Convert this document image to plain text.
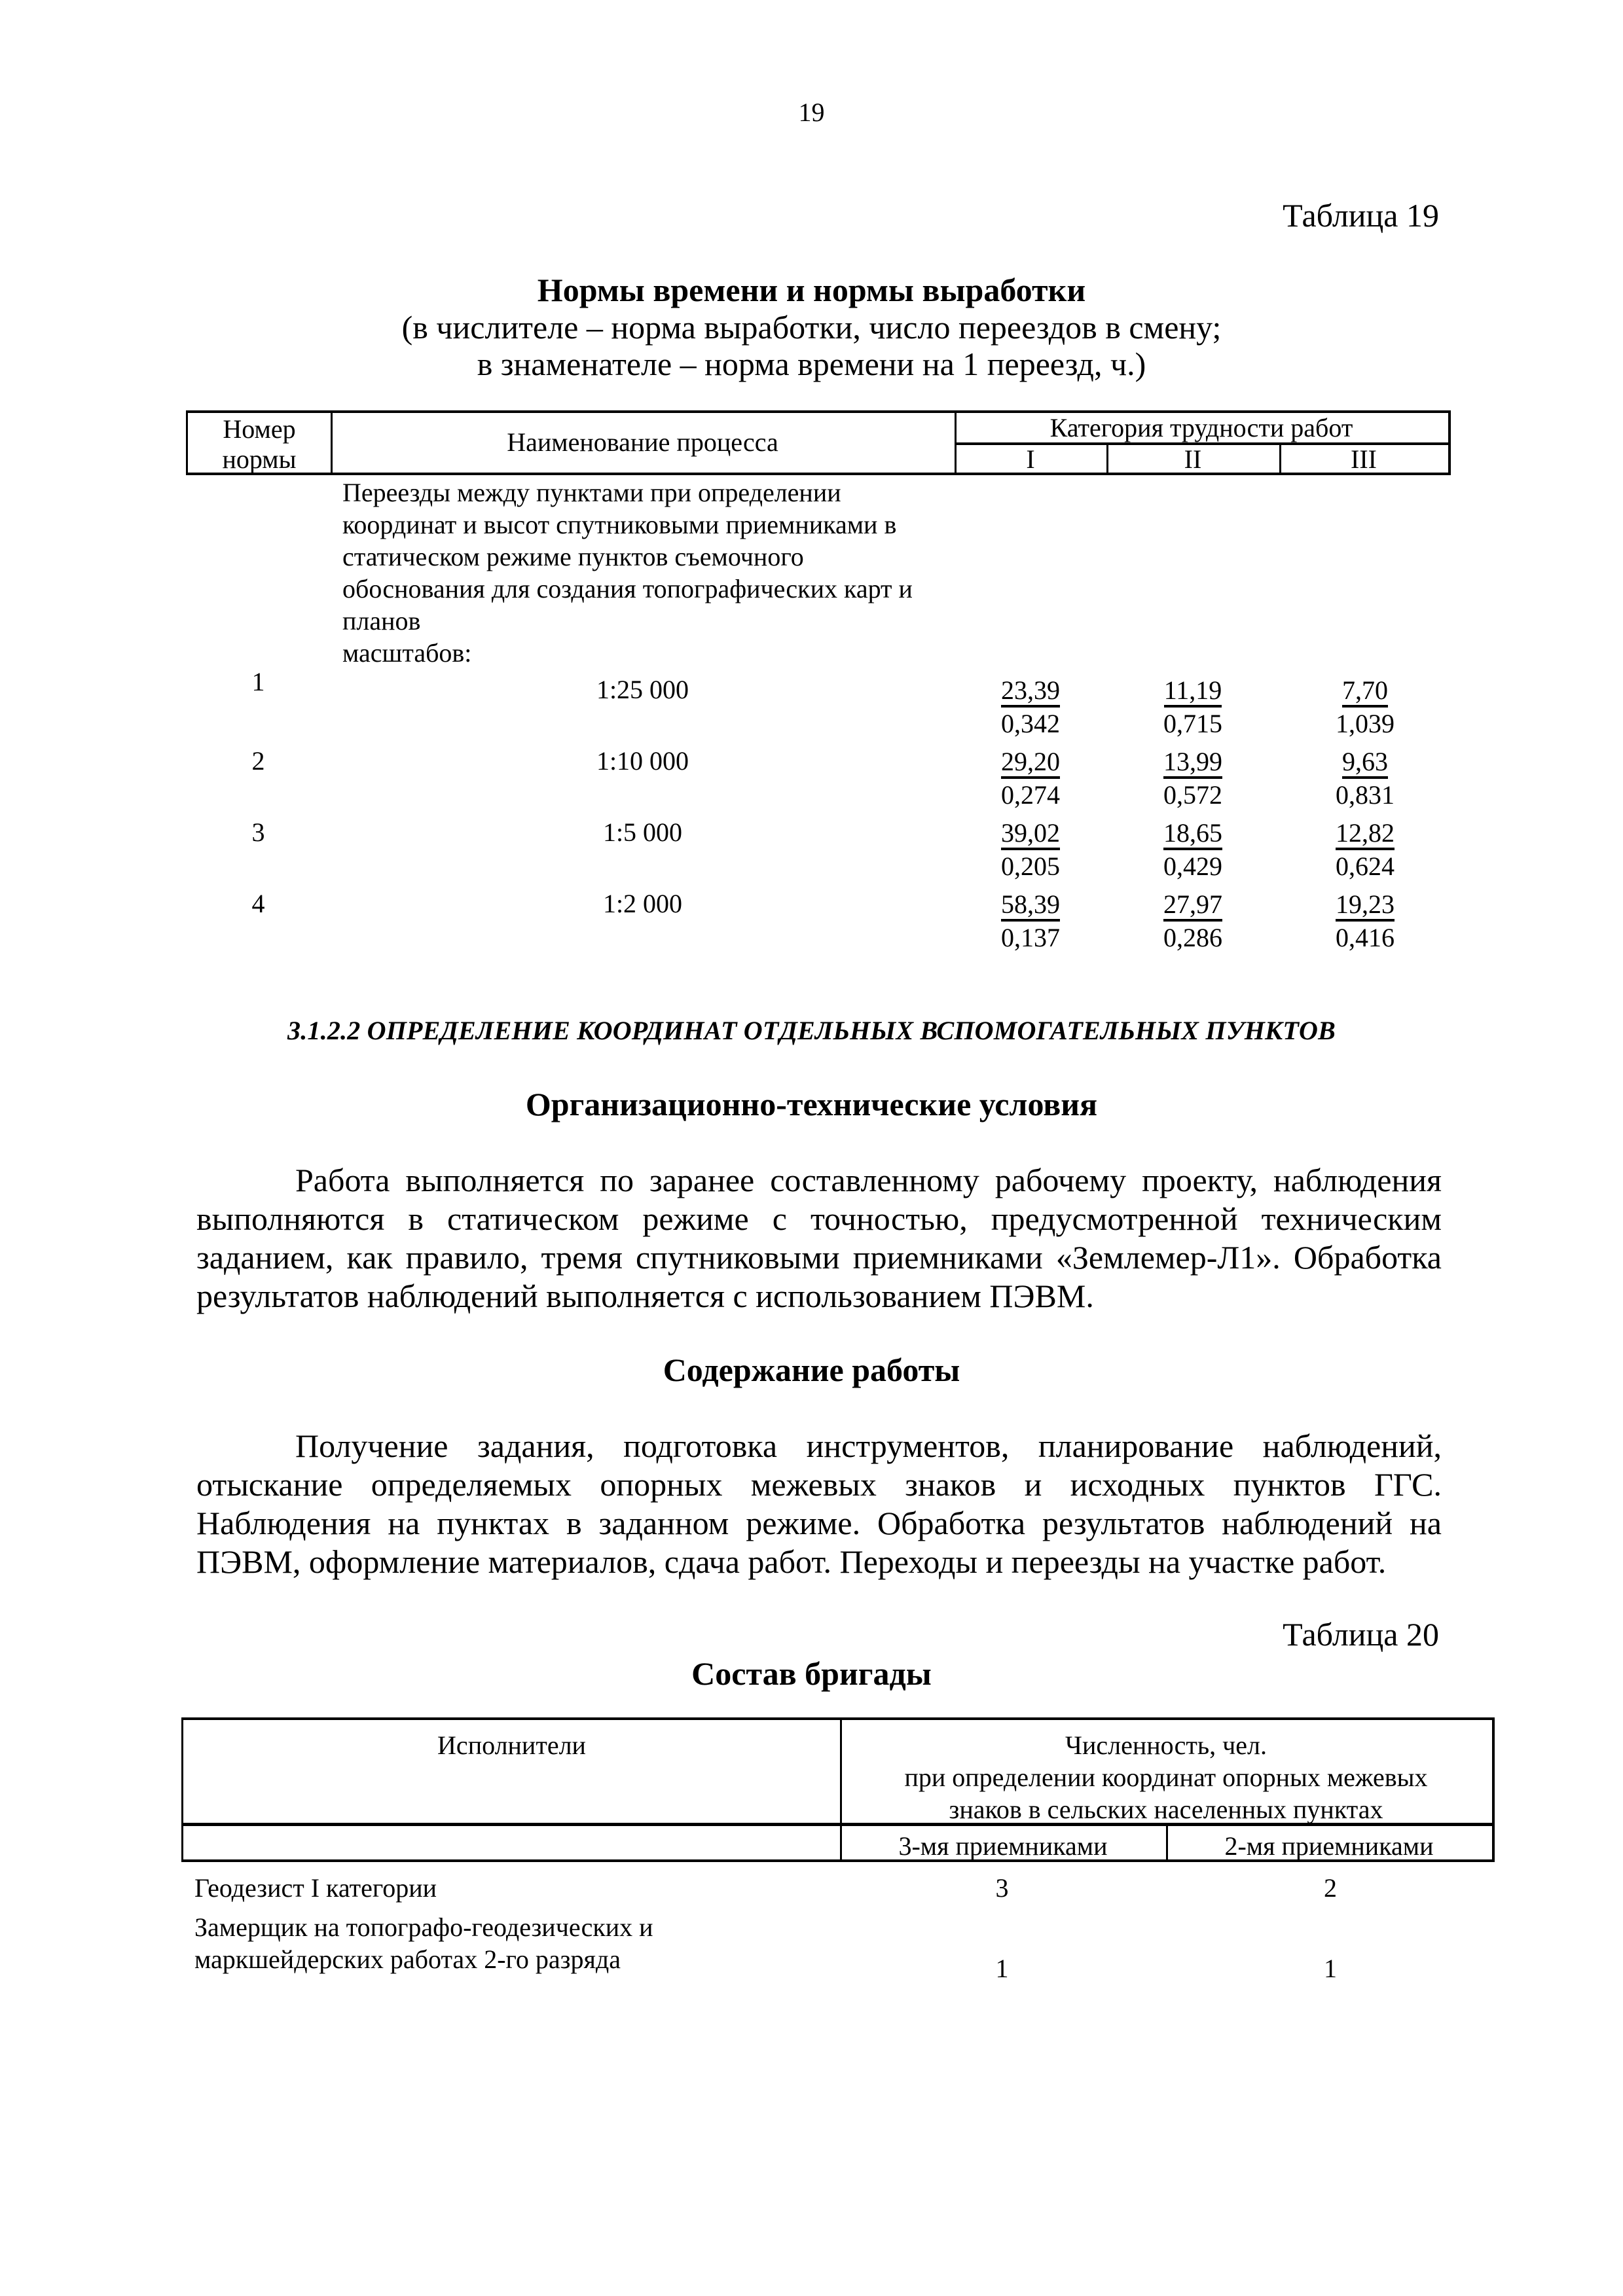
19
Таблица 19
Нормы времени и нормы выработки
(в числителе – норма выработки, число переездов в смену;
в знаменателе – норма времени на 1 переезд, ч.)
Номер
нормы
Наименование процесса	Категория трудности работ
I	II	III
Переезды между пунктами при определении
координат и высот спутниковыми приемниками в
статическом режиме пунктов съемочного
обоснования для создания топографических карт и
планов
масштабов:
1	1:25 000	$\frac{23,39}{0,342} \frac{11,19}{0,715} \frac{7,70}{1,039}$
2	1:10 000	$\frac{29,20}{0,274} \frac{13,99}{0,572} \frac{9,63}{0,831}$
3	1:5 000	$\frac{39,02}{0,205} \frac{18,65}{0,429} \frac{12,82}{0,624}$
4	1:2 000	$\frac{58,39}{0,137} \frac{27,97}{0,286} \frac{19,23}{0,416}$
3.1.2.2 ОПРЕДЕЛЕНИЕ КООРДИНАТ ОТДЕЛЬНЫХ ВСПОМОГАТЕЛЬНЫХ ПУНКТОВ
Организационно-технические условия
Работа выполняется по заранее составленному рабочему проекту, наблюдения выполняются в статическом режиме с точностью, предусмотренной техническим заданием, как правило, тремя спутниковыми приемниками «Землемер-Л1». Обработка результатов наблюдений выполняется с использованием ПЭВМ.
Содержание работы
Получение задания, подготовка инструментов, планирование наблюдений, отыскание определяемых опорных межевых знаков и исходных пунктов ГГС. Наблюдения на пунктах в заданном режиме. Обработка результатов наблюдений на ПЭВМ, оформление материалов, сдача работ. Переходы и переезды на участке работ.
Таблица 20
Состав бригады
Исполнители	Численность, чел.
при определении координат опорных межевых
знаков в сельских населенных пунктах
3-мя приемниками	2-мя приемниками
Геодезист I категории	3	2
Замерщик на топографо-геодезических и
маркшейдерских работах 2-го разряда	1	1
